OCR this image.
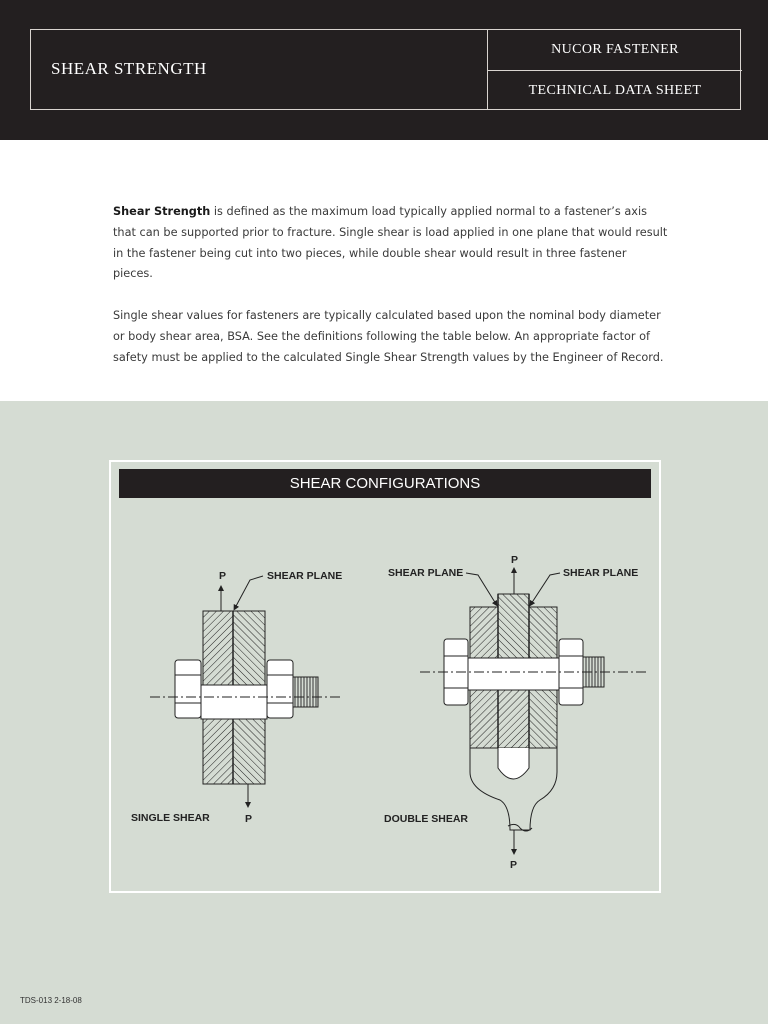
SHEAR STRENGTH
NUCOR FASTENER
TECHNICAL DATA SHEET

Shear Strength is defined as the maximum load typically applied normal to a fastener’s axis that can be supported prior to fracture. Single shear is load applied in one plane that would result in the fastener being cut into two pieces, while double shear would result in three fastener pieces.

Single shear values for fasteners are typically calculated based upon the nominal body diameter or body shear area, BSA. See the definitions following the table below. An appropriate factor of safety must be applied to the calculated Single Shear Strength values by the Engineer of Record.

SHEAR CONFIGURATIONS
P	SHEAR PLANE
SINGLE SHEAR	P
P
SHEAR PLANE	SHEAR PLANE
DOUBLE SHEAR
P
TDS-013 2-18-08
